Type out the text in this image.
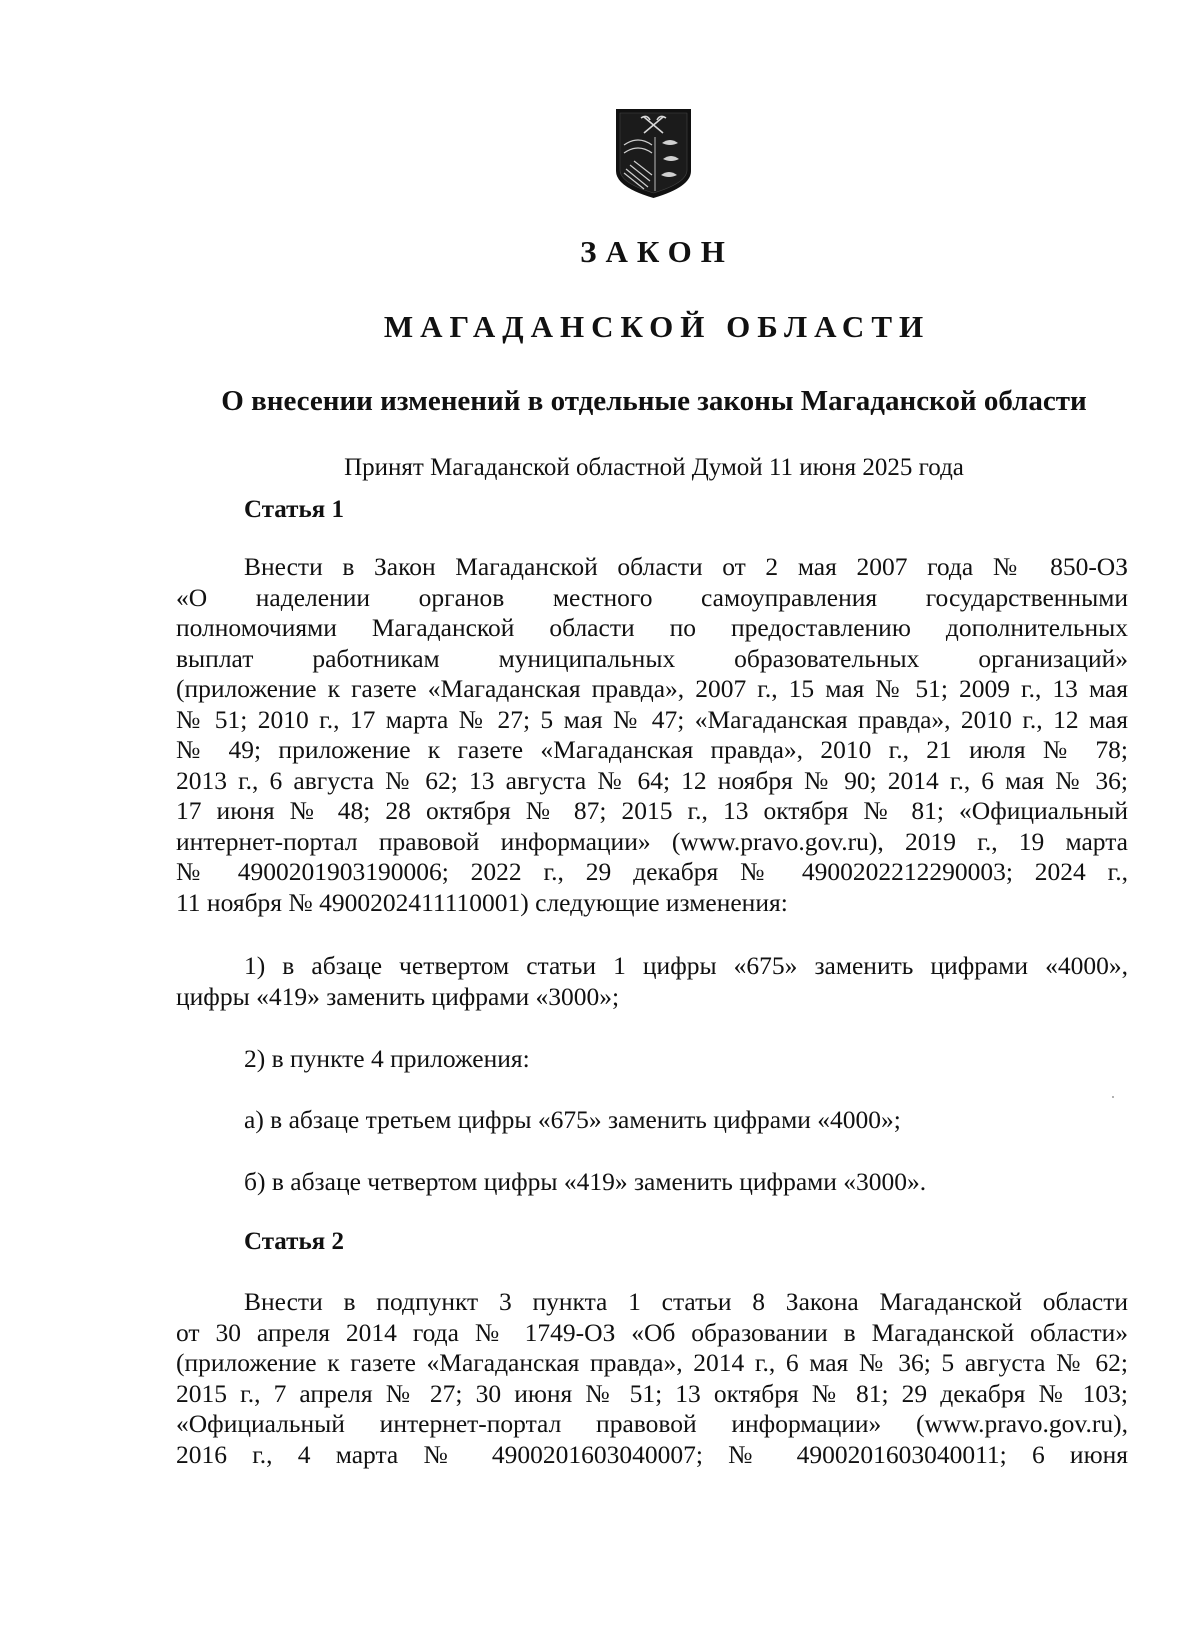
ЗАКОН
МАГАДАНСКОЙ ОБЛАСТИ
О внесении изменений в отдельные законы Магаданской области
Принят Магаданской областной Думой 11 июня 2025 года
Статья 1
Внести в Закон Магаданской области от 2 мая 2007 года № 850-ОЗ
«О наделении органов местного самоуправления государственными
полномочиями Магаданской области по предоставлению дополнительных
выплат работникам муниципальных образовательных организаций»
(приложение к газете «Магаданская правда», 2007 г., 15 мая № 51; 2009 г., 13 мая
№ 51; 2010 г., 17 марта № 27; 5 мая № 47; «Магаданская правда», 2010 г., 12 мая
№ 49; приложение к газете «Магаданская правда», 2010 г., 21 июля № 78;
2013 г., 6 августа № 62; 13 августа № 64; 12 ноября № 90; 2014 г., 6 мая № 36;
17 июня № 48; 28 октября № 87; 2015 г., 13 октября № 81; «Официальный
интернет-портал правовой информации» (www.pravo.gov.ru), 2019 г., 19 марта
№ 4900201903190006; 2022 г., 29 декабря № 4900202212290003; 2024 г.,
11 ноября № 4900202411110001) следующие изменения:
1) в абзаце четвертом статьи 1 цифры «675» заменить цифрами «4000»,
цифры «419» заменить цифрами «3000»;
2) в пункте 4 приложения:
а) в абзаце третьем цифры «675» заменить цифрами «4000»;
б) в абзаце четвертом цифры «419» заменить цифрами «3000».
Статья 2
Внести в подпункт 3 пункта 1 статьи 8 Закона Магаданской области
от 30 апреля 2014 года № 1749-ОЗ «Об образовании в Магаданской области»
(приложение к газете «Магаданская правда», 2014 г., 6 мая № 36; 5 августа № 62;
2015 г., 7 апреля № 27; 30 июня № 51; 13 октября № 81; 29 декабря № 103;
«Официальный интернет-портал правовой информации» (www.pravo.gov.ru),
2016 г., 4 марта № 4900201603040007; № 4900201603040011; 6 июня
